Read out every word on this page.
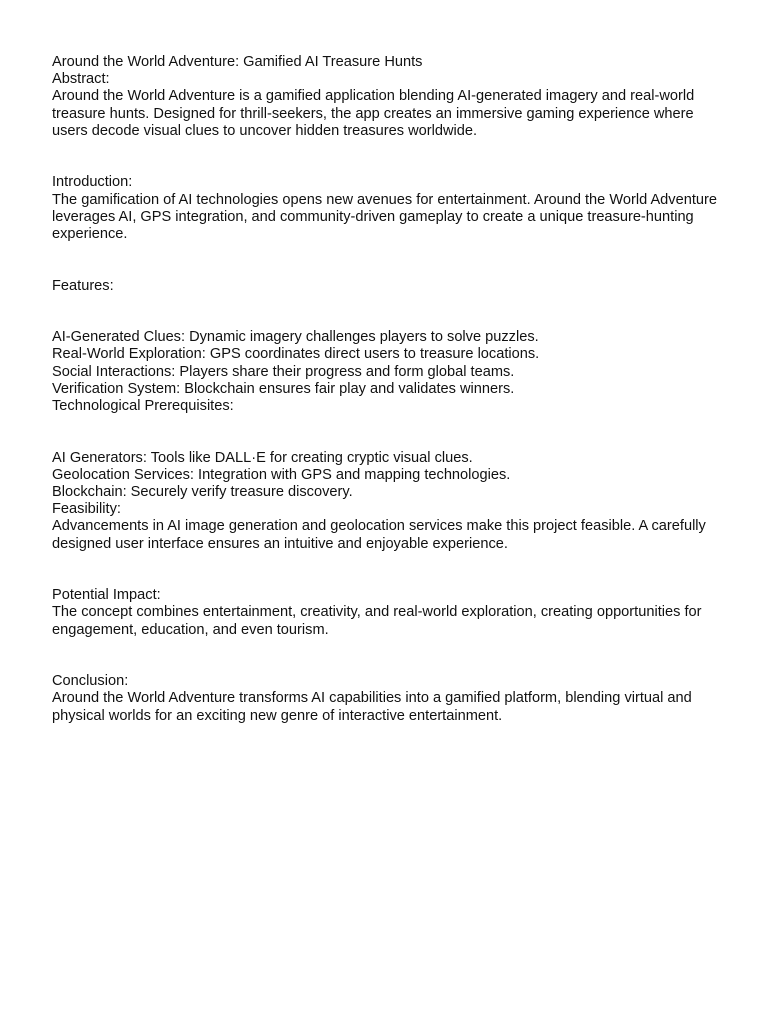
Around the World Adventure: Gamified AI Treasure Hunts

Abstract:

Around the World Adventure is a gamified application blending AI-generated imagery and real-world treasure hunts. Designed for thrill-seekers, the app creates an immersive gaming experience where users decode visual clues to uncover hidden treasures worldwide.

Introduction:

The gamification of AI technologies opens new avenues for entertainment. Around the World Adventure leverages AI, GPS integration, and community-driven gameplay to create a unique treasure-hunting experience.

Features:

AI-Generated Clues: Dynamic imagery challenges players to solve puzzles.

Real-World Exploration: GPS coordinates direct users to treasure locations.

Social Interactions: Players share their progress and form global teams.

Verification System: Blockchain ensures fair play and validates winners.

Technological Prerequisites:

AI Generators: Tools like DALL·E for creating cryptic visual clues.

Geolocation Services: Integration with GPS and mapping technologies.

Blockchain: Securely verify treasure discovery.

Feasibility:

Advancements in AI image generation and geolocation services make this project feasible. A carefully designed user interface ensures an intuitive and enjoyable experience.

Potential Impact:

The concept combines entertainment, creativity, and real-world exploration, creating opportunities for engagement, education, and even tourism.

Conclusion:

Around the World Adventure transforms AI capabilities into a gamified platform, blending virtual and physical worlds for an exciting new genre of interactive entertainment.
